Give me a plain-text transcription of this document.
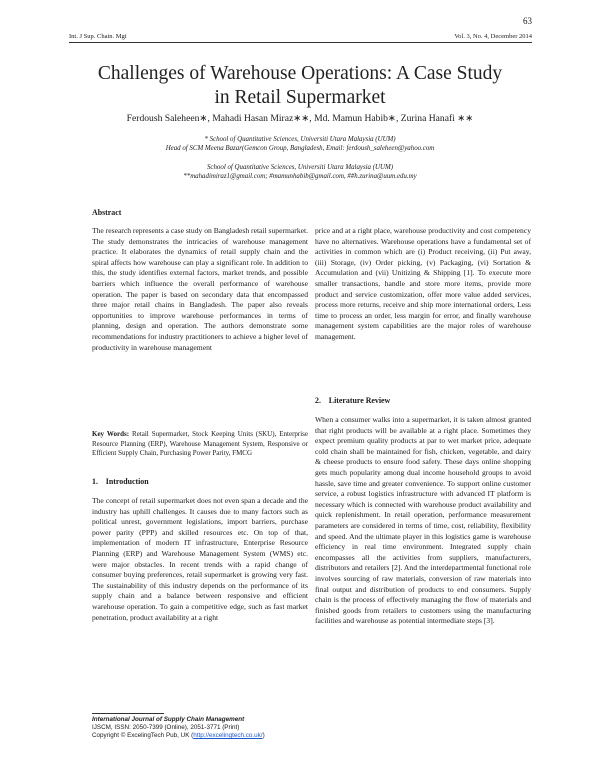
63
Int. J Sup. Chain. Mgt	Vol. 3, No. 4, December 2014
Challenges of Warehouse Operations: A Case Study
in Retail Supermarket
Ferdoush Saleheen∗, Mahadi Hasan Miraz∗∗, Md. Mamun Habib∗, Zurina Hanafi ∗∗
* School of Quantitative Sciences, Universiti Utara Malaysia (UUM)
Head of SCM Meena Bazar(Gemcon Group, Bangladesh, Email: ferdoush_saleheen@yahoo.com
School of Quantitative Sciences, Universiti Utara Malaysia (UUM)
**mahadimiraz1@gmail.com; #mamunhabib@gmail.com, ##h.zurina@uum.edu.my
Abstract

The research represents a case study on Bangladesh retail supermarket. The study demonstrates the intricacies of warehouse management practice. It elaborates the dynamics of retail supply chain and the spiral affects how warehouse can play a significant role. In addition to this, the study identifies external factors, market trends, and possible barriers which influence the overall performance of warehouse operation. The paper is based on secondary data that encompassed three major retail chains in Bangladesh. The paper also reveals opportunities to improve warehouse performances in terms of planning, design and operation. The authors demonstrate some recommendations for industry practitioners to achieve a higher level of productivity in warehouse management

Key Words: Retail Supermarket, Stock Keeping Units (SKU), Enterprise Resource Planning (ERP), Warehouse Management System, Responsive or Efficient Supply Chain, Purchasing Power Parity, FMCG
1.    Introduction

The concept of retail supermarket does not even span a decade and the industry has uphill challenges. It causes due to many factors such as political unrest, government legislations, import barriers, purchase power parity (PPP) and skilled resources etc. On top of that, implementation of modern IT infrastructure, Enterprise Resource Planning (ERP) and Warehouse Management System (WMS) etc. were major obstacles. In recent trends with a rapid change of consumer buying preferences, retail supermarket is growing very fast. The sustainability of this industry depends on the performance of its supply chain and a balance between responsive and efficient warehouse operation. To gain a competitive edge, such as fast market penetration, product availability at a right

price and at a right place, warehouse productivity and cost competency have no alternatives. Warehouse operations have a fundamental set of activities in common which are (i) Product receiving, (ii) Put away, (iii) Storage, (iv) Order picking, (v) Packaging, (vi) Sortation & Accumulation and (vii) Unitizing & Shipping [1]. To execute more smaller transactions, handle and store more items, provide more product and service customization, offer more value added services, process more returns, receive and ship more international orders, Less time to process an order, less margin for error, and finally warehouse management system capabilities are the major roles of warehouse management.

2.    Literature Review

When a consumer walks into a supermarket, it is taken almost granted that right products will be available at a right place. Sometimes they expect premium quality products at par to wet market price, adequate cold chain shall be maintained for fish, chicken, vegetable, and dairy & cheese products to ensure food safety. These days online shopping gets much popularity among dual income household groups to avoid hassle, save time and greater convenience. To support online customer service, a robust logistics infrastructure with advanced IT platform is necessary which is connected with warehouse product availability and quick replenishment. In retail operation, performance measurement parameters are considered in terms of time, cost, reliability, flexibility and speed. And the ultimate player in this logistics game is warehouse efficiency in real time environment. Integrated supply chain encompasses all the activities from suppliers, manufacturers, distributors and retailers [2]. And the interdepartmental functional role involves sourcing of raw materials, conversion of raw materials into final output and distribution of products to end consumers. Supply chain is the process of effectively managing the flow of materials and finished goods from retailers to customers using the manufacturing facilities and warehouse as potential intermediate steps [3].

International Journal of Supply Chain Management
IJSCM, ISSN: 2050-7399 (Online), 2051-3771 (Print)
Copyright © ExcelingTech Pub, UK (http://excelingtech.co.uk/)
